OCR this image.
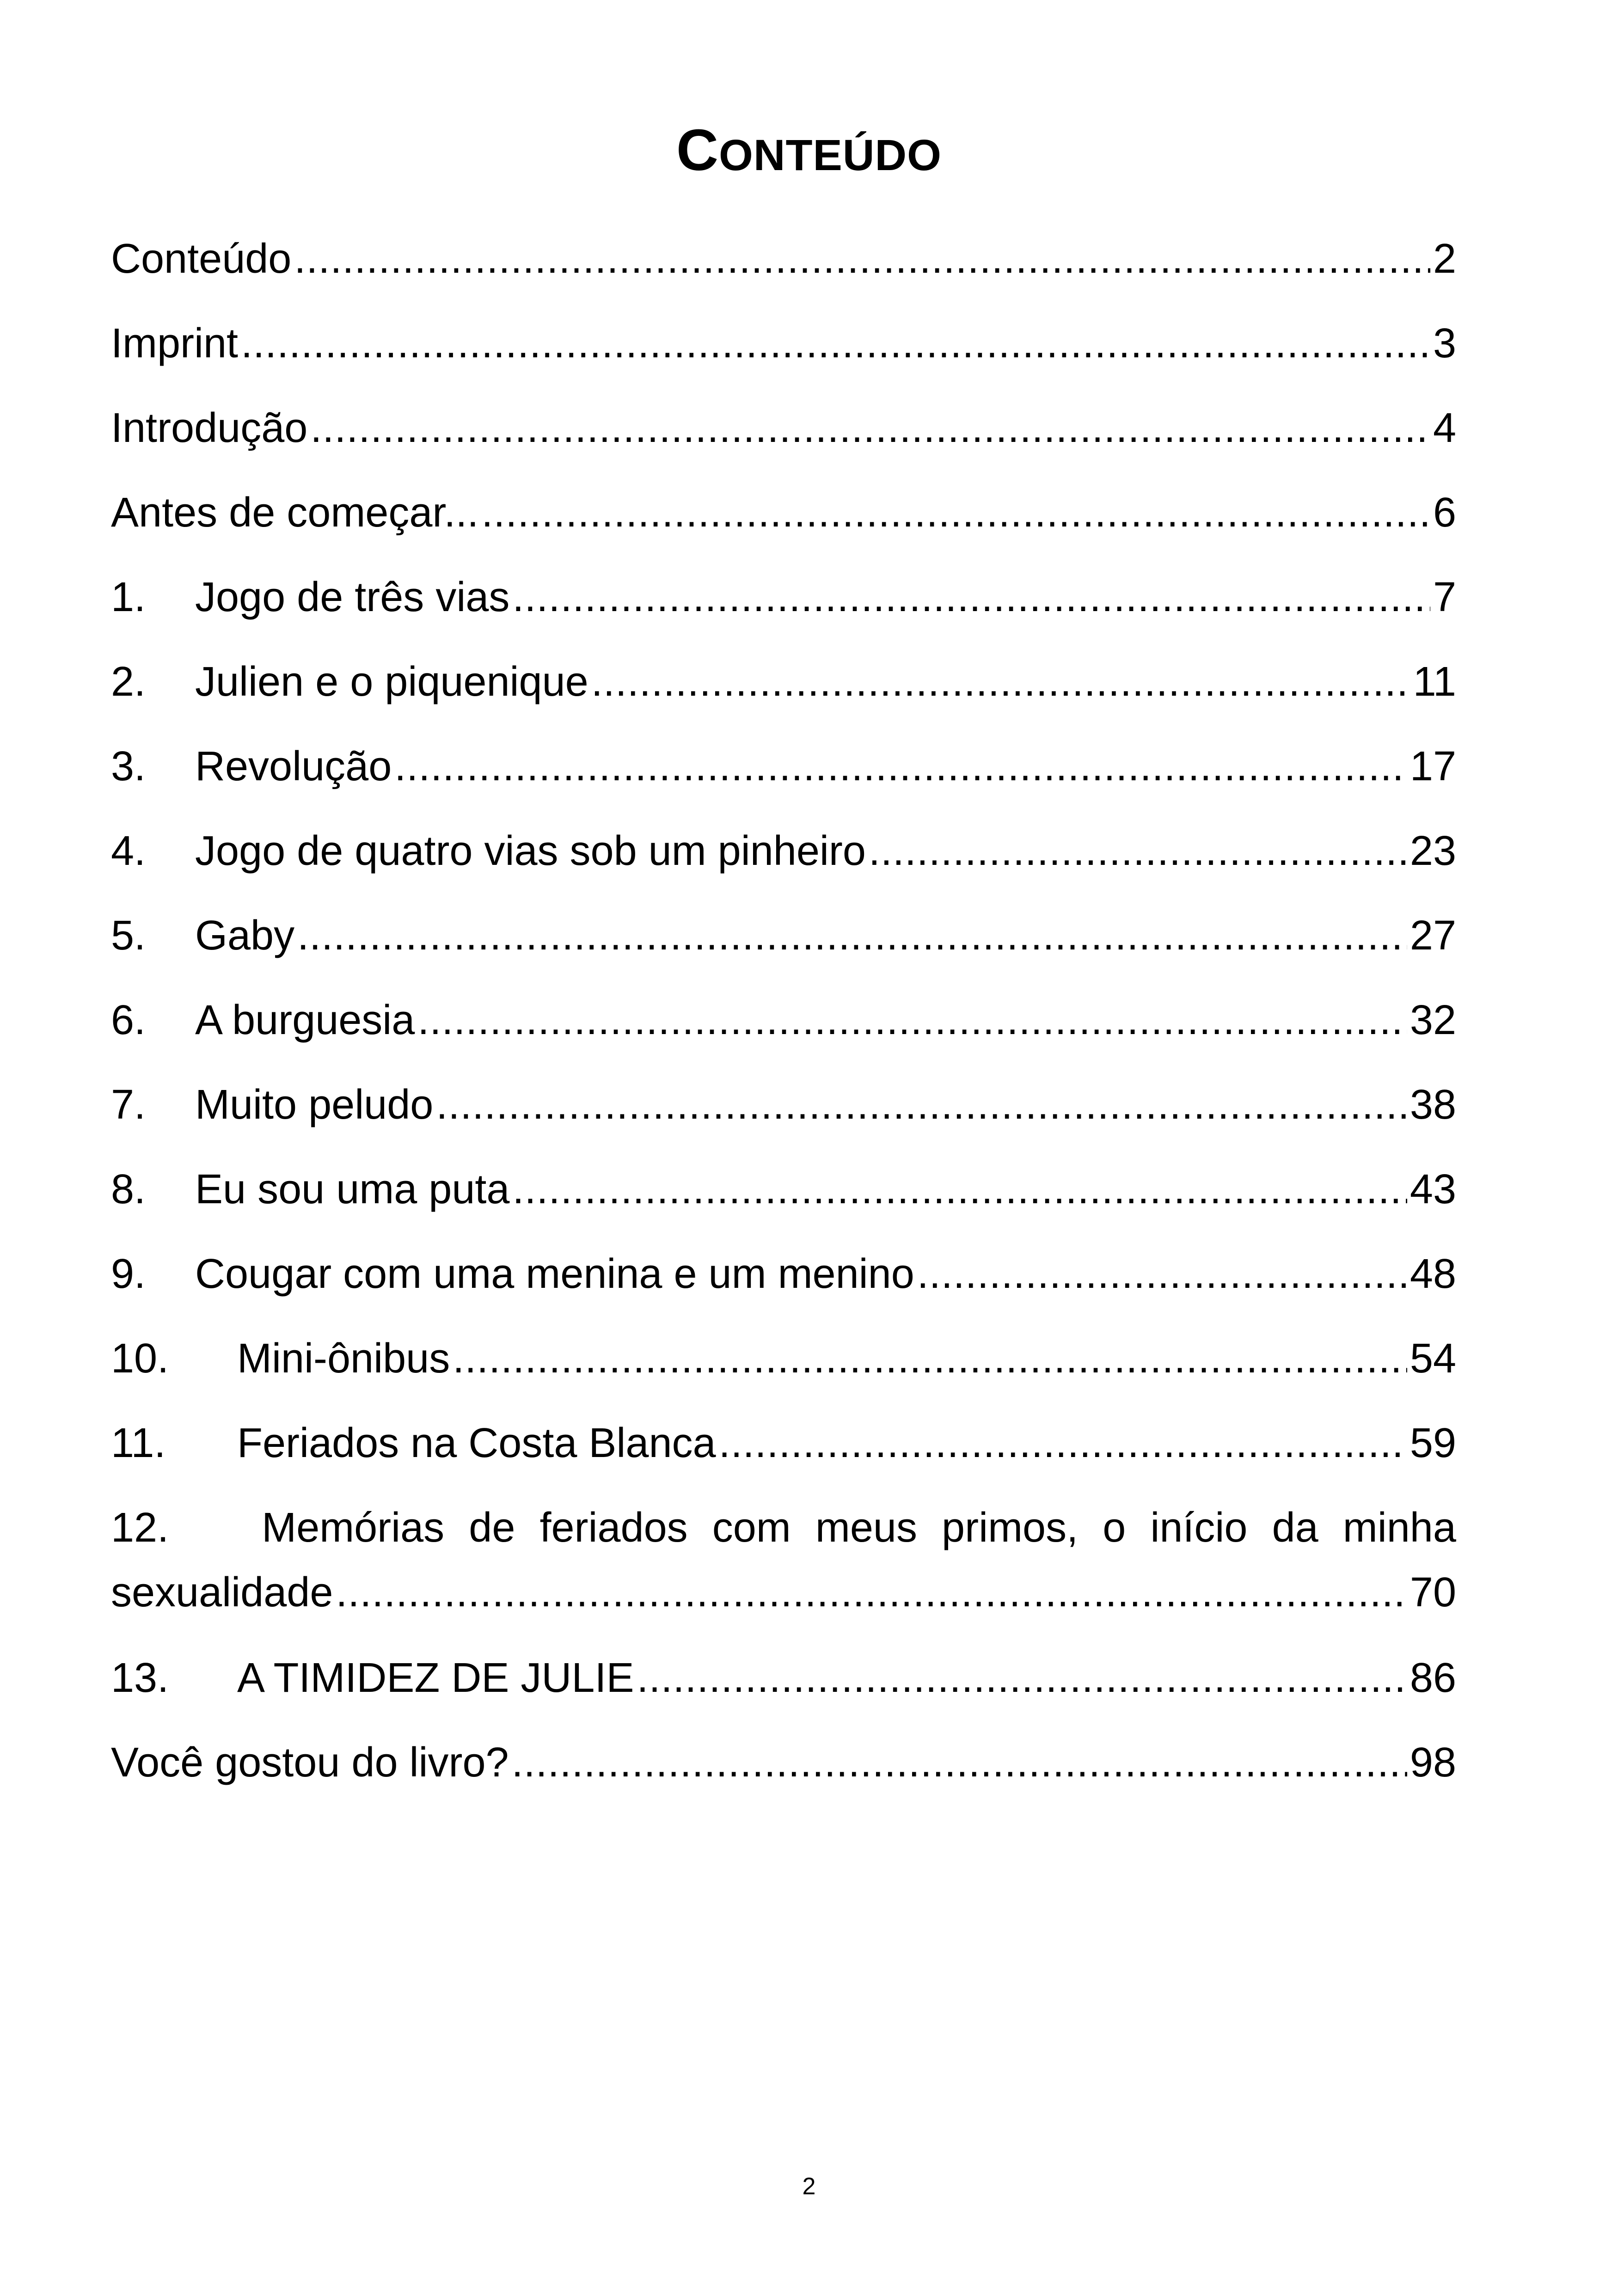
CONTEÚDO
Conteúdo .....	2
Imprint .....	3
Introdução .....	4
Antes de começar... .....	6
1.	Jogo de três vias .....	7
2.	Julien e o piquenique .....	11
3.	Revolução .....	17
4.	Jogo de quatro vias sob um pinheiro .....	23
5.	Gaby .....	27
6.	A burguesia .....	32
7.	Muito peludo .....	38
8.	Eu sou uma puta .....	43
9.	Cougar com uma menina e um menino .....	48
10.	Mini-ônibus .....	54
11.	Feriados na Costa Blanca .....	59
12.	Memórias de feriados com meus primos, o início da minha
sexualidade .....	70
13.	A TIMIDEZ DE JULIE .....	86
Você gostou do livro? .....	98
2
